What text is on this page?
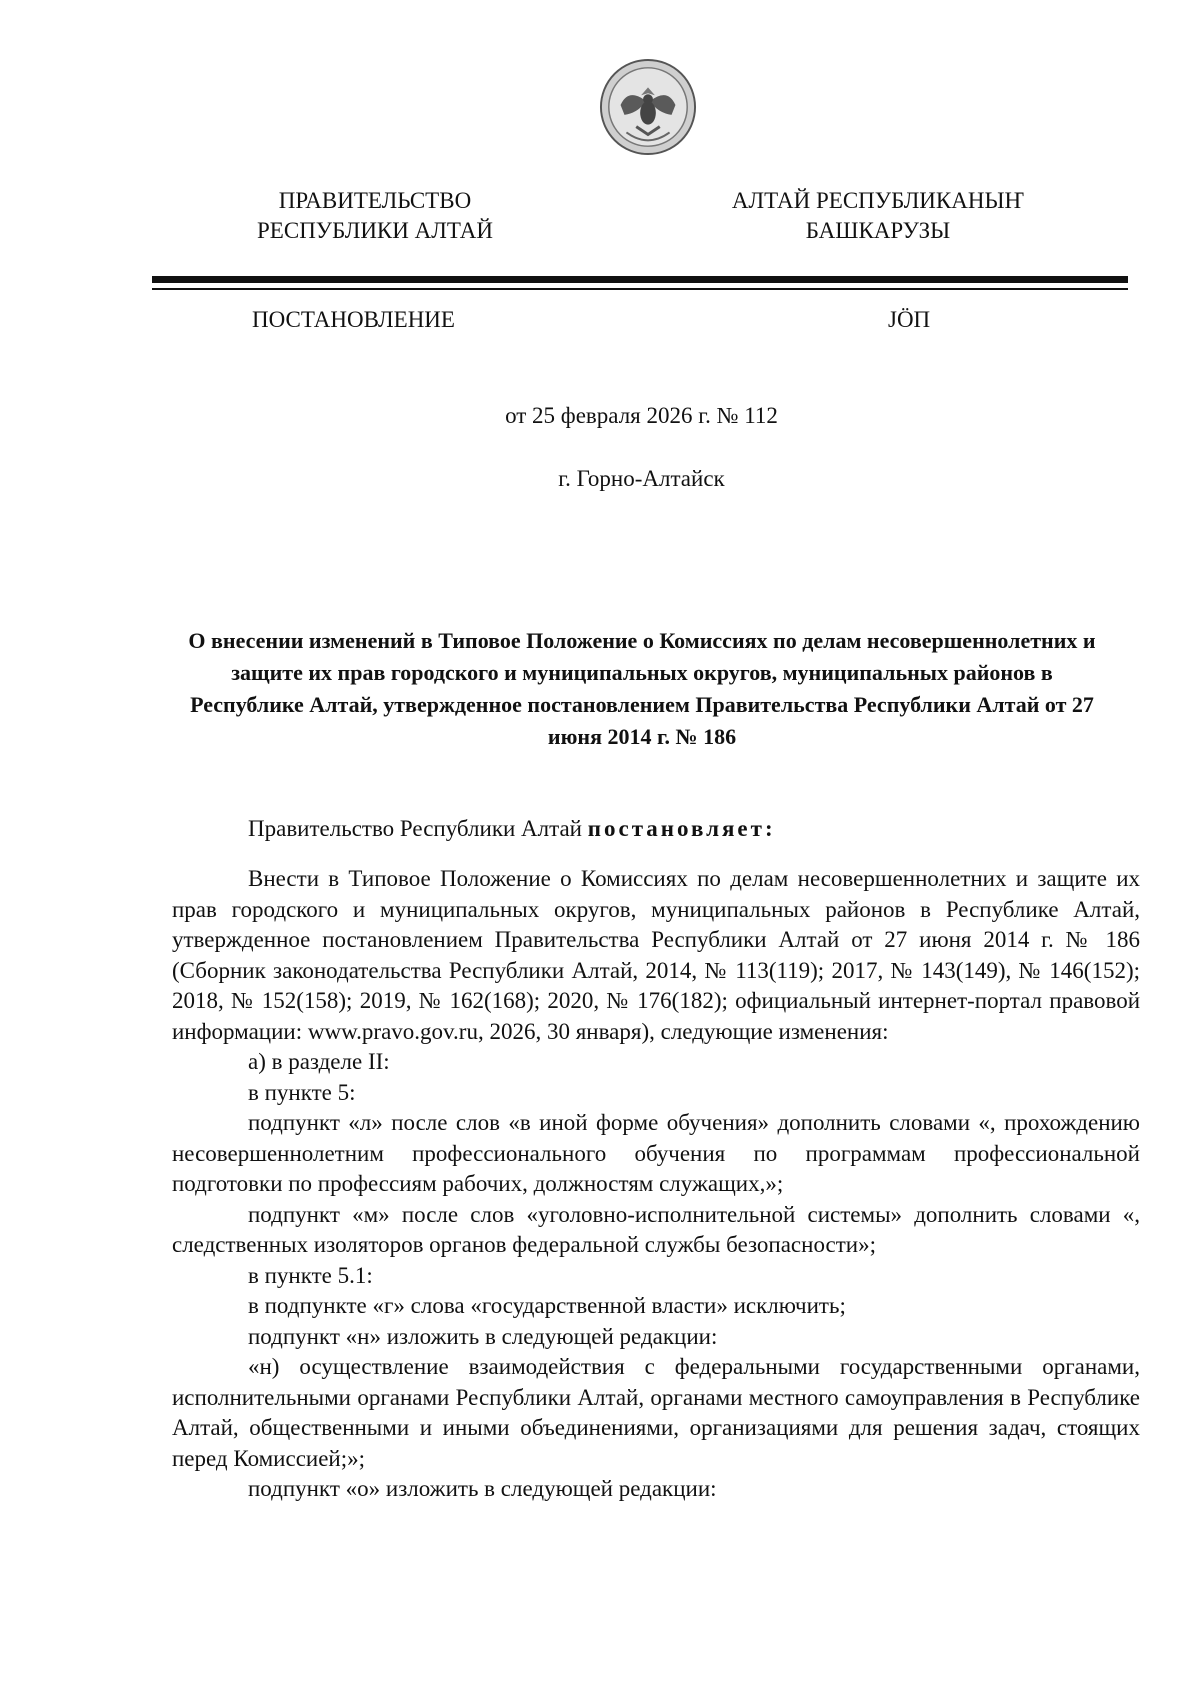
ПРАВИТЕЛЬСТВО
РЕСПУБЛИКИ АЛТАЙ
АЛТАЙ РЕСПУБЛИКАНЫҤ
БАШКАРУЗЫ
ПОСТАНОВЛЕНИЕ	ЈÖП
от 25 февраля 2026 г. № 112
г. Горно-Алтайск
О внесении изменений в Типовое Положение о Комиссиях по делам несовершеннолетних и защите их прав городского и муниципальных округов, муниципальных районов в Республике Алтай, утвержденное постановлением Правительства Республики Алтай от 27 июня 2014 г. № 186
Правительство Республики Алтай постановляет:

Внести в Типовое Положение о Комиссиях по делам несовершеннолетних и защите их прав городского и муниципальных округов, муниципальных районов в Республике Алтай, утвержденное постановлением Правительства Республики Алтай от 27 июня 2014 г. № 186 (Сборник законодательства Республики Алтай, 2014, № 113(119); 2017, № 143(149), № 146(152); 2018, № 152(158); 2019, № 162(168); 2020, № 176(182); официальный интернет-портал правовой информации: www.pravo.gov.ru, 2026, 30 января), следующие изменения:

а) в разделе II:

в пункте 5:

подпункт «л» после слов «в иной форме обучения» дополнить словами «, прохождению несовершеннолетним профессионального обучения по программам профессиональной подготовки по профессиям рабочих, должностям служащих,»;

подпункт «м» после слов «уголовно-исполнительной системы» дополнить словами «, следственных изоляторов органов федеральной службы безопасности»;

в пункте 5.1:

в подпункте «г» слова «государственной власти» исключить;

подпункт «н» изложить в следующей редакции:

«н) осуществление взаимодействия с федеральными государственными органами, исполнительными органами Республики Алтай, органами местного самоуправления в Республике Алтай, общественными и иными объединениями, организациями для решения задач, стоящих перед Комиссией;»;

подпункт «о» изложить в следующей редакции:
